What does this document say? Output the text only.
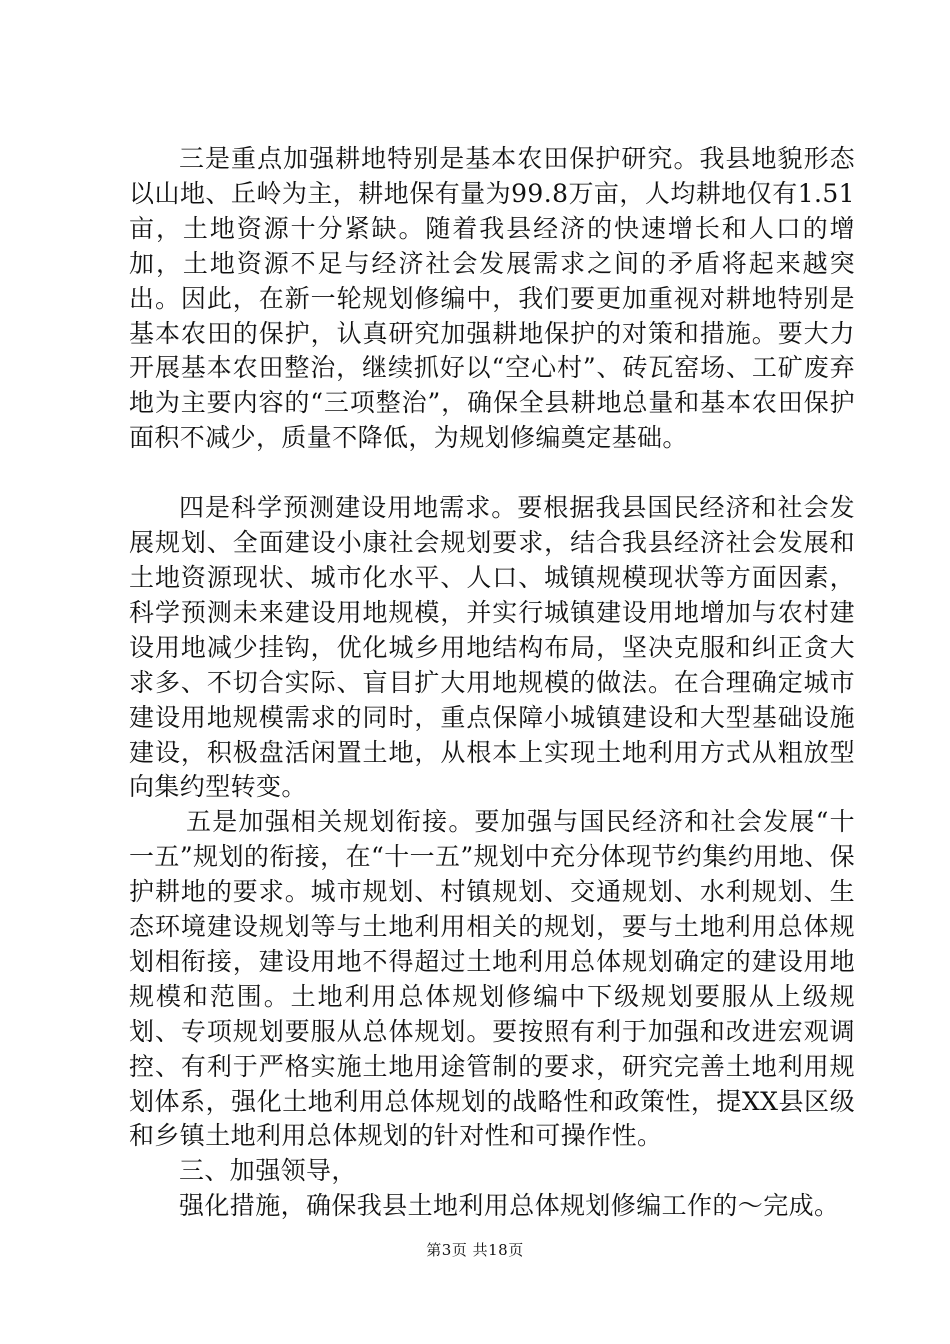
三是重点加强耕地特别是基本农田保护研究。我县地貌形态以山地、丘岭为主，耕地保有量为99.8万亩，人均耕地仅有1.51亩，土地资源十分紧缺。随着我县经济的快速增长和人口的增加，土地资源不足与经济社会发展需求之间的矛盾将起来越突出。因此，在新一轮规划修编中，我们要更加重视对耕地特别是基本农田的保护，认真研究加强耕地保护的对策和措施。要大力开展基本农田整治，继续抓好以“空心村”、砖瓦窑场、工矿废弃地为主要内容的“三项整治”，确保全县耕地总量和基本农田保护面积不减少，质量不降低，为规划修编奠定基础。

四是科学预测建设用地需求。要根据我县国民经济和社会发展规划、全面建设小康社会规划要求，结合我县经济社会发展和土地资源现状、城市化水平、人口、城镇规模现状等方面因素，科学预测未来建设用地规模，并实行城镇建设用地增加与农村建设用地减少挂钩，优化城乡用地结构布局，坚决克服和纠正贪大求多、不切合实际、盲目扩大用地规模的做法。在合理确定城市建设用地规模需求的同时，重点保障小城镇建设和大型基础设施建设，积极盘活闲置土地，从根本上实现土地利用方式从粗放型向集约型转变。

五是加强相关规划衔接。要加强与国民经济和社会发展“十一五”规划的衔接，在“十一五”规划中充分体现节约集约用地、保护耕地的要求。城市规划、村镇规划、交通规划、水利规划、生态环境建设规划等与土地利用相关的规划，要与土地利用总体规划相衔接，建设用地不得超过土地利用总体规划确定的建设用地规模和范围。土地利用总体规划修编中下级规划要服从上级规划、专项规划要服从总体规划。要按照有利于加强和改进宏观调控、有利于严格实施土地用途管制的要求，研究完善土地利用规划体系，强化土地利用总体规划的战略性和政策性，提XX县区级和乡镇土地利用总体规划的针对性和可操作性。

三、加强领导，

强化措施，确保我县土地利用总体规划修编工作的～完成。

第3页 共18页
